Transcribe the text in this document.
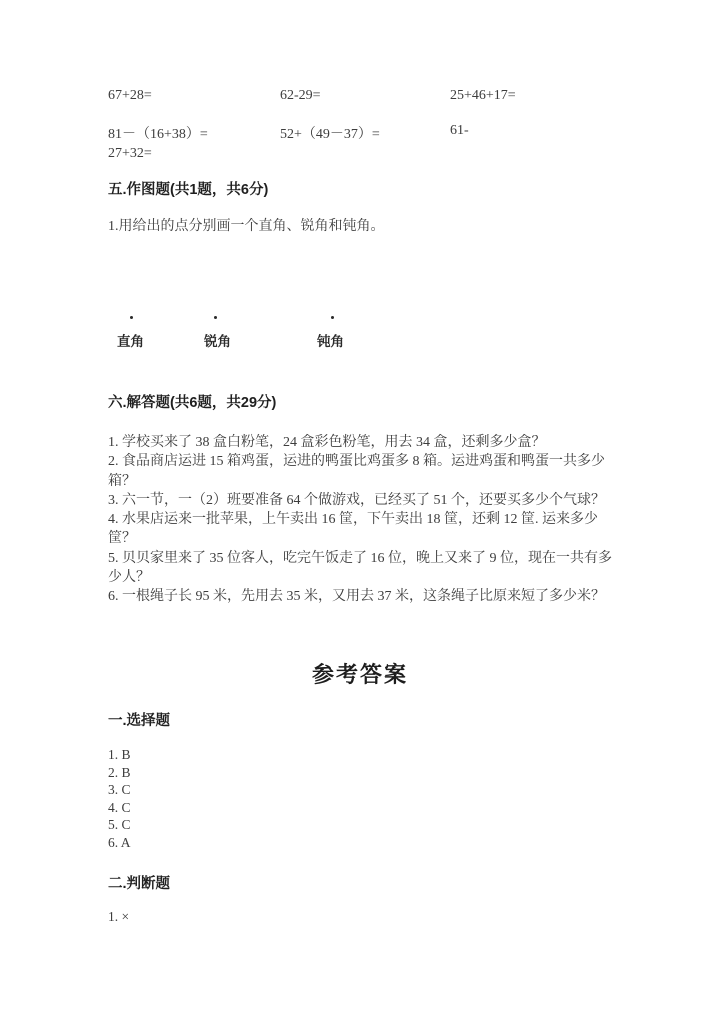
67+28=	62-29=	25+46+17=
81－（16+38）=	52+（49－37）=	61-
27+32=
五.作图题(共1题，共6分)
1.用给出的点分别画一个直角、锐角和钝角。
直角	锐角	钝角
六.解答题(共6题，共29分)
1. 学校买来了 38 盒白粉笔，24 盒彩色粉笔，用去 34 盒，还剩多少盒？
2. 食品商店运进 15 箱鸡蛋，运进的鸭蛋比鸡蛋多 8 箱。运进鸡蛋和鸭蛋一共多少箱？
3. 六一节，一（2）班要准备 64 个做游戏，已经买了 51 个，还要买多少个气球？
4. 水果店运来一批苹果，上午卖出 16 筐，下午卖出 18 筐，还剩 12 筐. 运来多少筐？
5. 贝贝家里来了 35 位客人，吃完午饭走了 16 位，晚上又来了 9 位，现在一共有多少人？
6. 一根绳子长 95 米，先用去 35 米，又用去 37 米，这条绳子比原来短了多少米？
参考答案
一.选择题
1. B
2. B
3. C
4. C
5. C
6. A
二.判断题
1. ×
